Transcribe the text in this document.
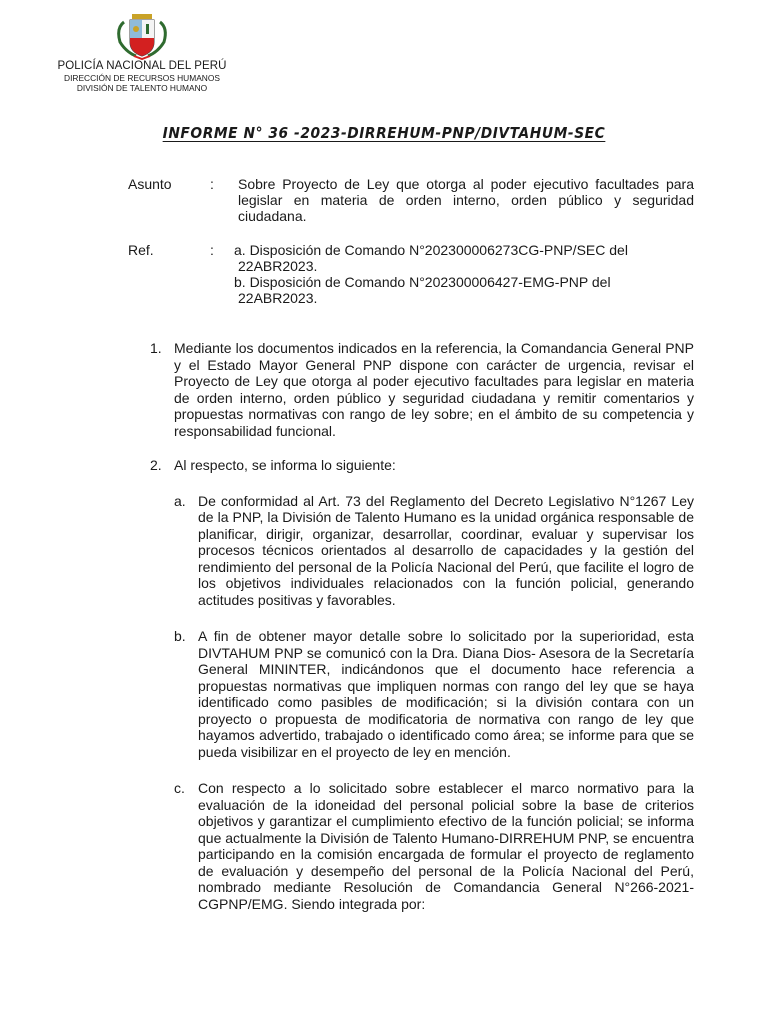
POLICÍA NACIONAL DEL PERÚ
DIRECCIÓN DE RECURSOS HUMANOS
DIVISIÓN DE TALENTO HUMANO
INFORME N° 36 -2023-DIRREHUM-PNP/DIVTAHUM-SEC
Asunto	: Sobre Proyecto de Ley que otorga al poder ejecutivo facultades para legislar en materia de orden interno, orden público y seguridad ciudadana.
Ref.	: a. Disposición de Comando N°202300006273CG-PNP/SEC del
22ABR2023.
b. Disposición de Comando N°202300006427-EMG-PNP del
22ABR2023.
1. Mediante los documentos indicados en la referencia, la Comandancia General PNP y el Estado Mayor General PNP dispone con carácter de urgencia, revisar el Proyecto de Ley que otorga al poder ejecutivo facultades para legislar en materia de orden interno, orden público y seguridad ciudadana y remitir comentarios y propuestas normativas con rango de ley sobre; en el ámbito de su competencia y responsabilidad funcional.
2. Al respecto, se informa lo siguiente:
a. De conformidad al Art. 73 del Reglamento del Decreto Legislativo N°1267 Ley de la PNP, la División de Talento Humano es la unidad orgánica responsable de planificar, dirigir, organizar, desarrollar, coordinar, evaluar y supervisar los procesos técnicos orientados al desarrollo de capacidades y la gestión del rendimiento del personal de la Policía Nacional del Perú, que facilite el logro de los objetivos individuales relacionados con la función policial, generando actitudes positivas y favorables.
b. A fin de obtener mayor detalle sobre lo solicitado por la superioridad, esta DIVTAHUM PNP se comunicó con la Dra. Diana Dios- Asesora de la Secretaría General MININTER, indicándonos que el documento hace referencia a propuestas normativas que impliquen normas con rango del ley que se haya identificado como pasibles de modificación; si la división contara con un proyecto o propuesta de modificatoria de normativa con rango de ley que hayamos advertido, trabajado o identificado como área; se informe para que se pueda visibilizar en el proyecto de ley en mención.
c. Con respecto a lo solicitado sobre establecer el marco normativo para la evaluación de la idoneidad del personal policial sobre la base de criterios objetivos y garantizar el cumplimiento efectivo de la función policial; se informa que actualmente la División de Talento Humano-DIRREHUM PNP, se encuentra participando en la comisión encargada de formular el proyecto de reglamento de evaluación y desempeño del personal de la Policía Nacional del Perú, nombrado mediante Resolución de Comandancia General N°266-2021-CGPNP/EMG. Siendo integrada por:
